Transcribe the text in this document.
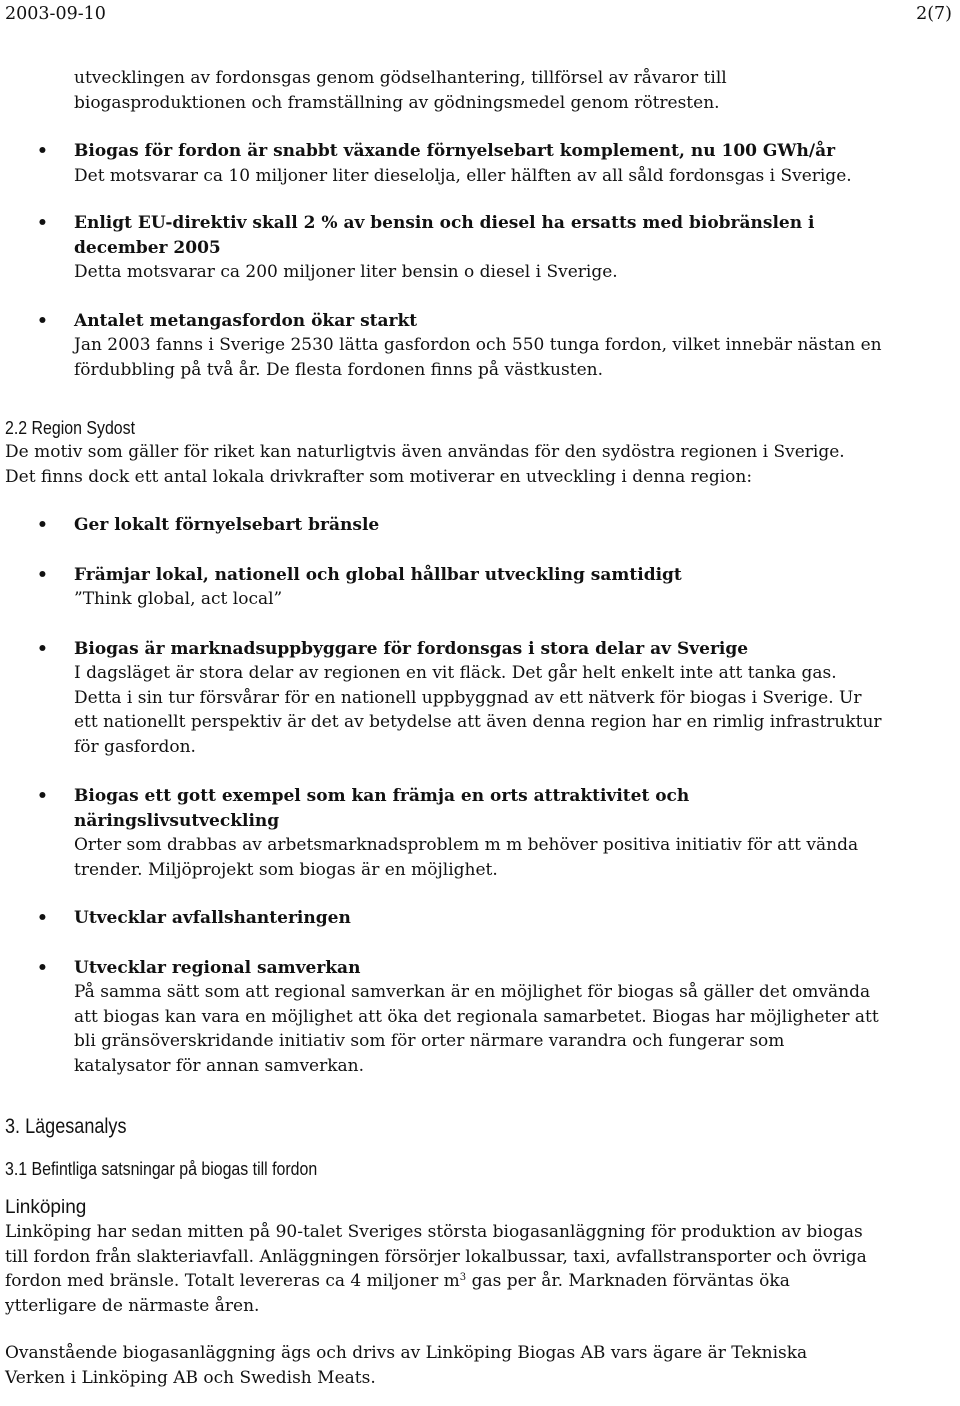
2003-09-10	2(7)
utvecklingen av fordonsgas genom gödselhantering, tillförsel av råvaror till
biogasproduktionen och framställning av gödningsmedel genom rötresten.
• Biogas för fordon är snabbt växande förnyelsebart komplement, nu 100 GWh/år
Det motsvarar ca 10 miljoner liter dieselolja, eller hälften av all såld fordonsgas i Sverige.
• Enligt EU-direktiv skall 2 % av bensin och diesel ha ersatts med biobränslen i
december 2005
Detta motsvarar ca 200 miljoner liter bensin o diesel i Sverige.
• Antalet metangasfordon ökar starkt
Jan 2003 fanns i Sverige 2530 lätta gasfordon och 550 tunga fordon, vilket innebär nästan en
fördubbling på två år. De flesta fordonen finns på västkusten.
2.2 Region Sydost
De motiv som gäller för riket kan naturligtvis även användas för den sydöstra regionen i Sverige.
Det finns dock ett antal lokala drivkrafter som motiverar en utveckling i denna region:
• Ger lokalt förnyelsebart bränsle
• Främjar lokal, nationell och global hållbar utveckling samtidigt
”Think global, act local”
• Biogas är marknadsuppbyggare för fordonsgas i stora delar av Sverige
I dagsläget är stora delar av regionen en vit fläck. Det går helt enkelt inte att tanka gas.
Detta i sin tur försvårar för en nationell uppbyggnad av ett nätverk för biogas i Sverige. Ur
ett nationellt perspektiv är det av betydelse att även denna region har en rimlig infrastruktur
för gasfordon.
• Biogas ett gott exempel som kan främja en orts attraktivitet och
näringslivsutveckling
Orter som drabbas av arbetsmarknadsproblem m m behöver positiva initiativ för att vända
trender. Miljöprojekt som biogas är en möjlighet.
• Utvecklar avfallshanteringen
• Utvecklar regional samverkan
På samma sätt som att regional samverkan är en möjlighet för biogas så gäller det omvända
att biogas kan vara en möjlighet att öka det regionala samarbetet. Biogas har möjligheter att
bli gränsöverskridande initiativ som för orter närmare varandra och fungerar som
katalysator för annan samverkan.
3. Lägesanalys
3.1 Befintliga satsningar på biogas till fordon
Linköping
Linköping har sedan mitten på 90-talet Sveriges största biogasanläggning för produktion av biogas
till fordon från slakteriavfall. Anläggningen försörjer lokalbussar, taxi, avfallstransporter och övriga
fordon med bränsle. Totalt levereras ca 4 miljoner $m^3$ gas per år. Marknaden förväntas öka
ytterligare de närmaste åren.
Ovanstående biogasanläggning ägs och drivs av Linköping Biogas AB vars ägare är Tekniska
Verken i Linköping AB och Swedish Meats.
